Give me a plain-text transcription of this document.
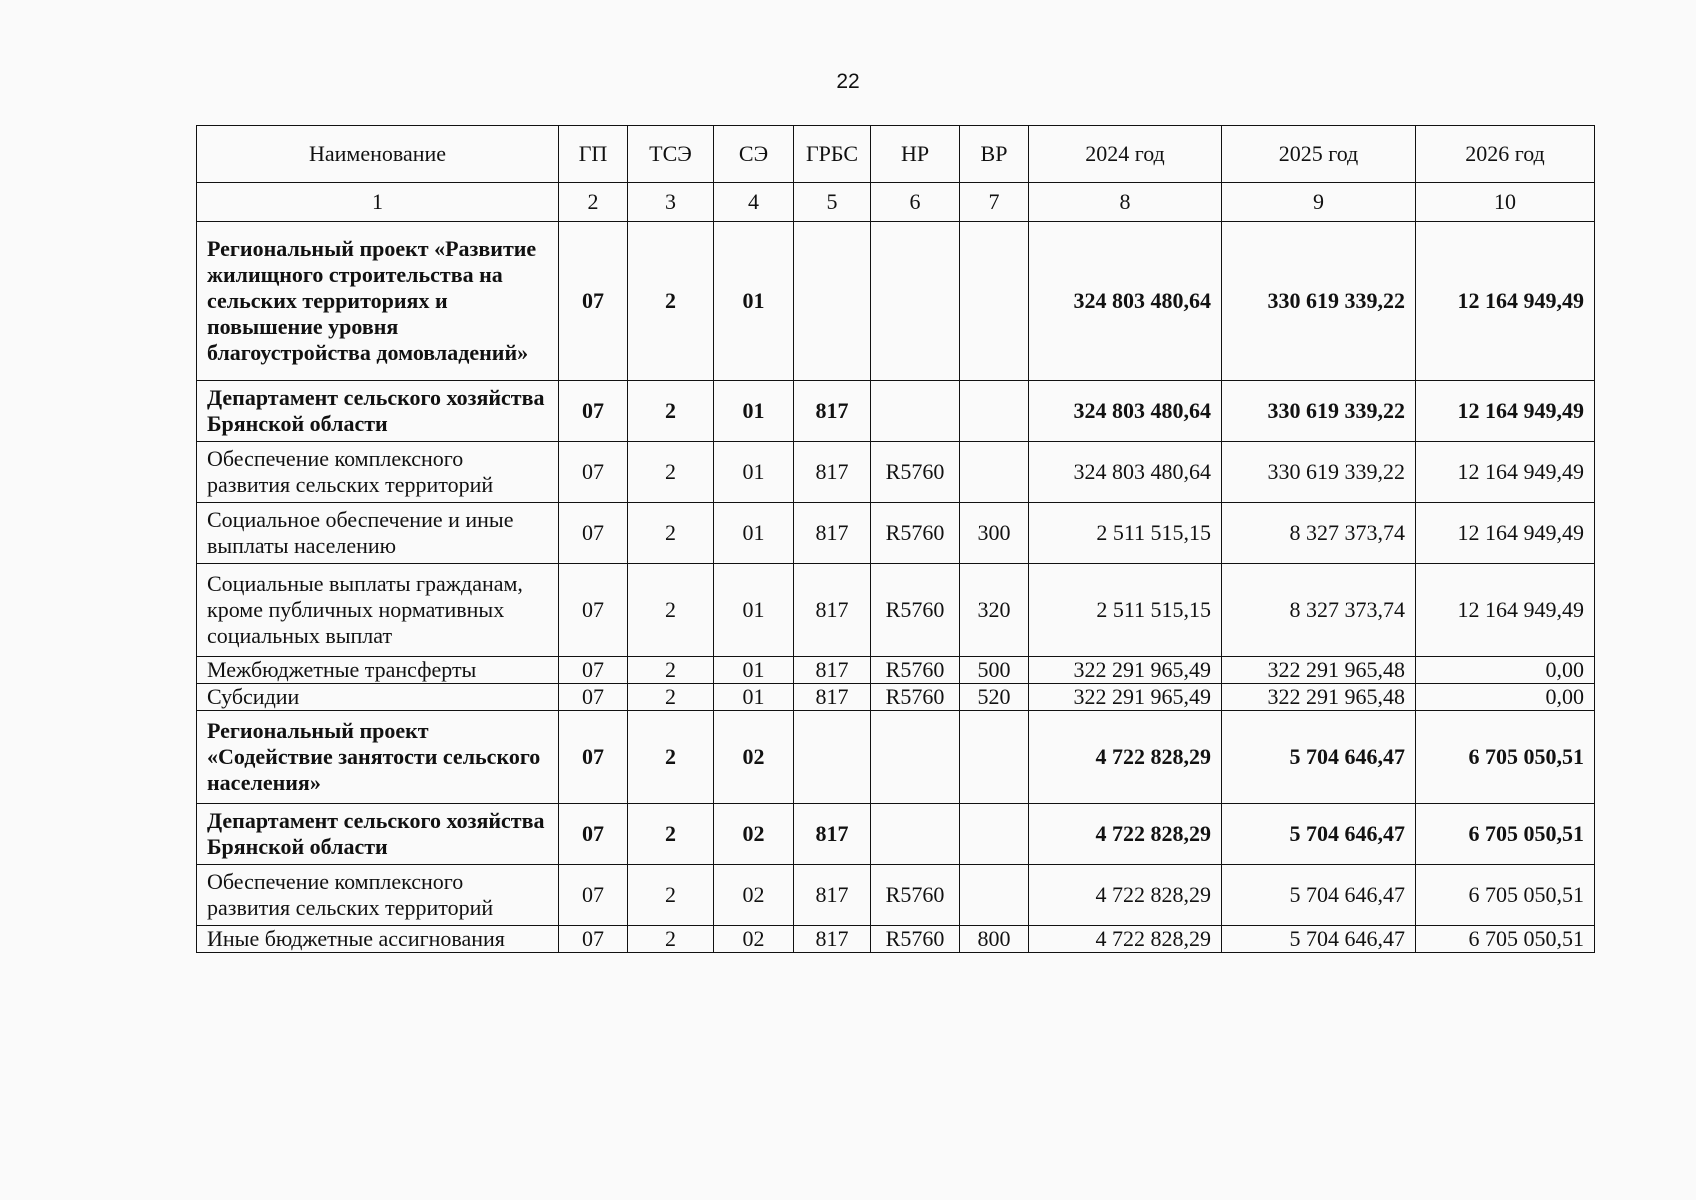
22
Наименование	ГП	ТСЭ	СЭ	ГРБС	НР	ВР	2024 год	2025 год	2026 год
1	2	3	4	5	6	7	8	9	10
Региональный проект «Развитие жилищного строительства на сельских территориях и повышение уровня благоустройства домовладений»	07	2	01				324 803 480,64	330 619 339,22	12 164 949,49
Департамент сельского хозяйства Брянской области	07	2	01	817			324 803 480,64	330 619 339,22	12 164 949,49
Обеспечение комплексного развития сельских территорий	07	2	01	817	R5760		324 803 480,64	330 619 339,22	12 164 949,49
Социальное обеспечение и иные выплаты населению	07	2	01	817	R5760	300	2 511 515,15	8 327 373,74	12 164 949,49
Социальные выплаты гражданам, кроме публичных нормативных социальных выплат	07	2	01	817	R5760	320	2 511 515,15	8 327 373,74	12 164 949,49
Межбюджетные трансферты	07	2	01	817	R5760	500	322 291 965,49	322 291 965,48	0,00
Субсидии	07	2	01	817	R5760	520	322 291 965,49	322 291 965,48	0,00
Региональный проект «Содействие занятости сельского населения»	07	2	02				4 722 828,29	5 704 646,47	6 705 050,51
Департамент сельского хозяйства Брянской области	07	2	02	817			4 722 828,29	5 704 646,47	6 705 050,51
Обеспечение комплексного развития сельских территорий	07	2	02	817	R5760		4 722 828,29	5 704 646,47	6 705 050,51
Иные бюджетные ассигнования	07	2	02	817	R5760	800	4 722 828,29	5 704 646,47	6 705 050,51
